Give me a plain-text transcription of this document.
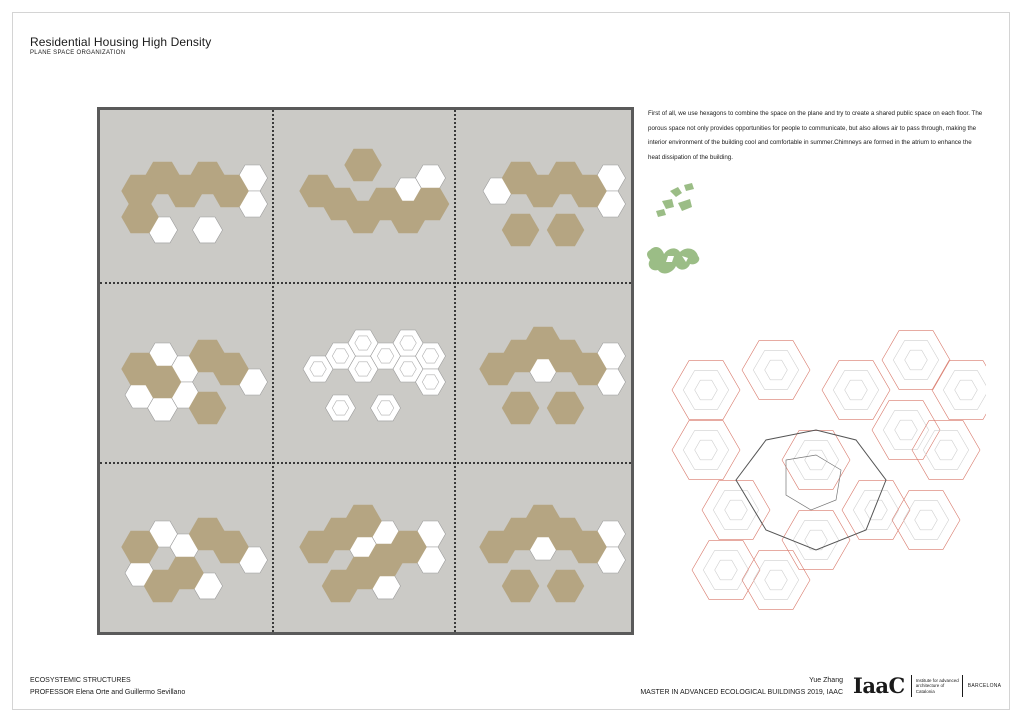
Residential Housing High Density
PLANE SPACE ORGANIZATION
First of all, we use hexagons to combine the space on the plane and try to create a shared public space on each floor. The porous space not only provides opportunities for people to communicate, but also allows air to pass through, making the interior environment of the building cool and comfortable in summer.Chimneys are formed in the atrium to enhance the heat dissipation of the building.
ECOSYSTEMIC STRUCTURES
PROFESSOR Elena Orte and Guillermo Sevillano
Yue Zhang
MASTER IN ADVANCED ECOLOGICAL BUILDINGS 2019, IAAC IaaC Institute for advanced architecture of Catalonia
BARCELONA
